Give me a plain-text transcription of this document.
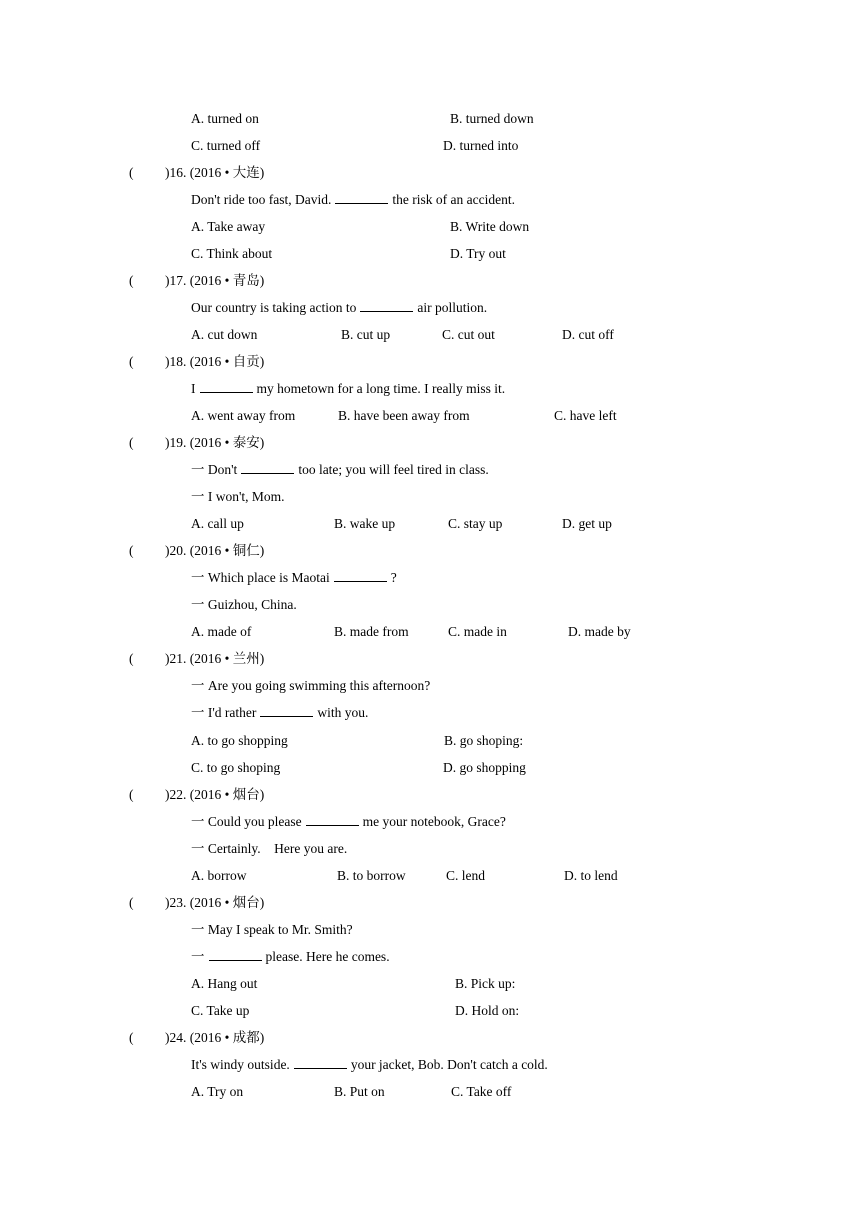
A. turned on	B. turned down
C. turned off	D. turned into
( )16. (2016 • 大连)
Don't ride too fast, David.	the risk of an accident.
A. Take away	B. Write down
C. Think about	D. Try out
( )17. (2016 • 青岛)
Our country is taking action to	air pollution.
A. cut down	B. cut up	C. cut out	D. cut off
( )18. (2016 • 自贡)
I	my hometown for a long time. I really miss it.
A. went away from	B. have been away from	C. have left
( )19. (2016 • 泰安)
一 Don't	too late; you will feel tired in class.
一 I won't, Mom.
A. call up	B. wake up	C. stay up	D. get up
( )20. (2016 • 铜仁)
一 Which place is Maotai	?
一 Guizhou, China.
A. made of	B. made from	C. made in	D. made by
( )21. (2016 • 兰州)
一 Are you going swimming this afternoon?
一 I'd rather	with you.
A. to go shopping	B. go shoping:
C. to go shoping	D. go shopping
( )22. (2016 • 烟台)
一 Could you please	me your notebook, Grace?
一 Certainly.    Here you are.
A. borrow	B. to borrow	C. lend	D. to lend
( )23. (2016 • 烟台)
一 May I speak to Mr. Smith?
一	please. Here he comes.
A. Hang out	B. Pick up:
C. Take up	D. Hold on:
( )24. (2016 • 成都)
It's windy outside.	your jacket, Bob. Don't catch a cold.
A. Try on	B. Put on	C. Take off
